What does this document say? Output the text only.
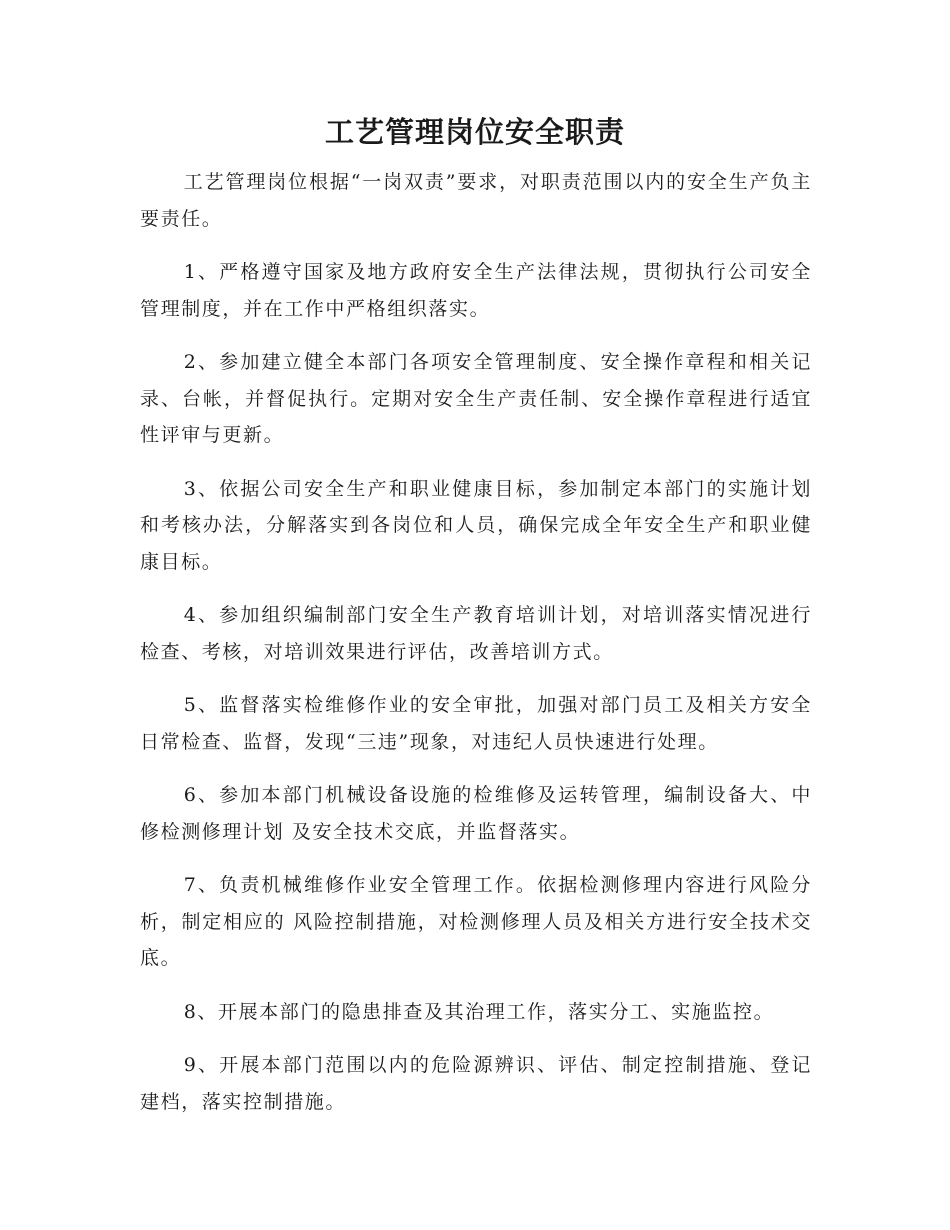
工艺管理岗位安全职责

工艺管理岗位根据“一岗双责”要求，对职责范围以内的安全生产负主要责任。

1、严格遵守国家及地方政府安全生产法律法规，贯彻执行公司安全管理制度，并在工作中严格组织落实。

2、参加建立健全本部门各项安全管理制度、安全操作章程和相关记录、台帐，并督促执行。定期对安全生产责任制、安全操作章程进行适宜性评审与更新。

3、依据公司安全生产和职业健康目标，参加制定本部门的实施计划和考核办法，分解落实到各岗位和人员，确保完成全年安全生产和职业健康目标。

4、参加组织编制部门安全生产教育培训计划，对培训落实情况进行检查、考核，对培训效果进行评估，改善培训方式。

5、监督落实检维修作业的安全审批，加强对部门员工及相关方安全日常检查、监督，发现“三违”现象，对违纪人员快速进行处理。

6、参加本部门机械设备设施的检维修及运转管理，编制设备大、中修检测修理计划 及安全技术交底，并监督落实。

7、负责机械维修作业安全管理工作。依据检测修理内容进行风险分析，制定相应的 风险控制措施，对检测修理人员及相关方进行安全技术交底。

8、开展本部门的隐患排查及其治理工作，落实分工、实施监控。

9、开展本部门范围以内的危险源辨识、评估、制定控制措施、登记建档，落实控制措施。
